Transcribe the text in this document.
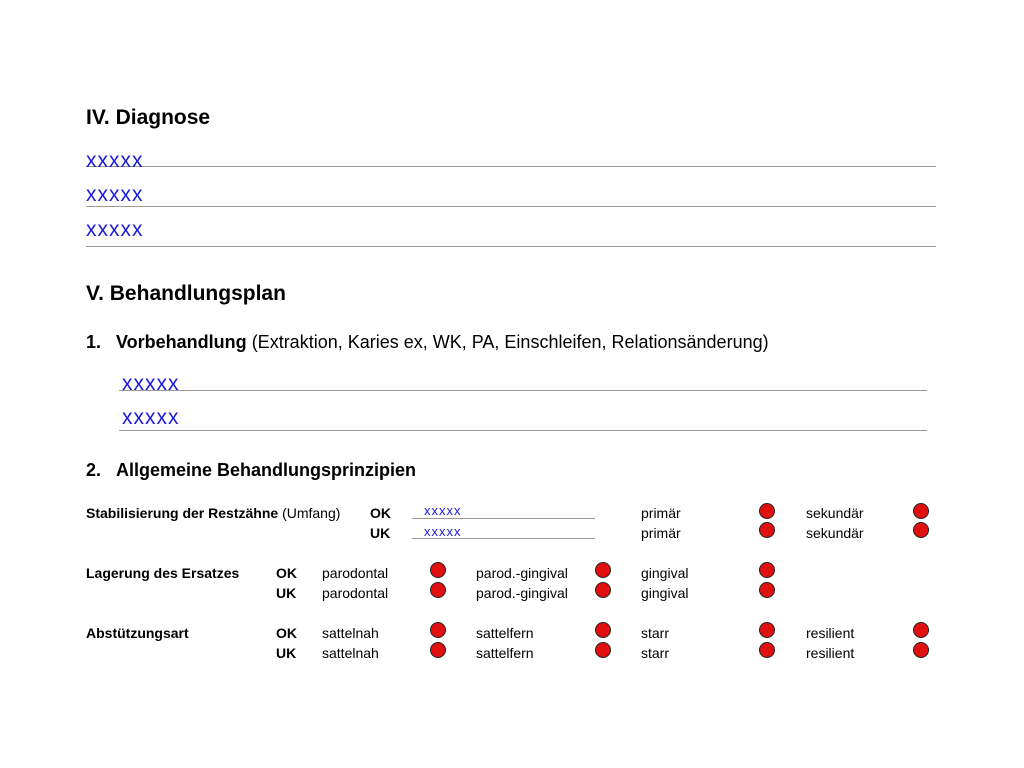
IV. Diagnose
xxxxx
xxxxx
xxxxx
V. Behandlungsplan
1. Vorbehandlung (Extraktion, Karies ex, WK, PA, Einschleifen, Relationsänderung)
xxxxx
xxxxx
2. Allgemeine Behandlungsprinzipien
Stabilisierung der Restzähne (Umfang) OK	xxxxx	primär	sekundär
UK	xxxxx	primär	sekundär
Lagerung des Ersatzes	OK parodontal	parod.-gingival	gingival
UK parodontal	parod.-gingival	gingival
Abstützungsart	OK sattelnah	sattelfern	starr	resilient
UK sattelnah	sattelfern	starr	resilient
